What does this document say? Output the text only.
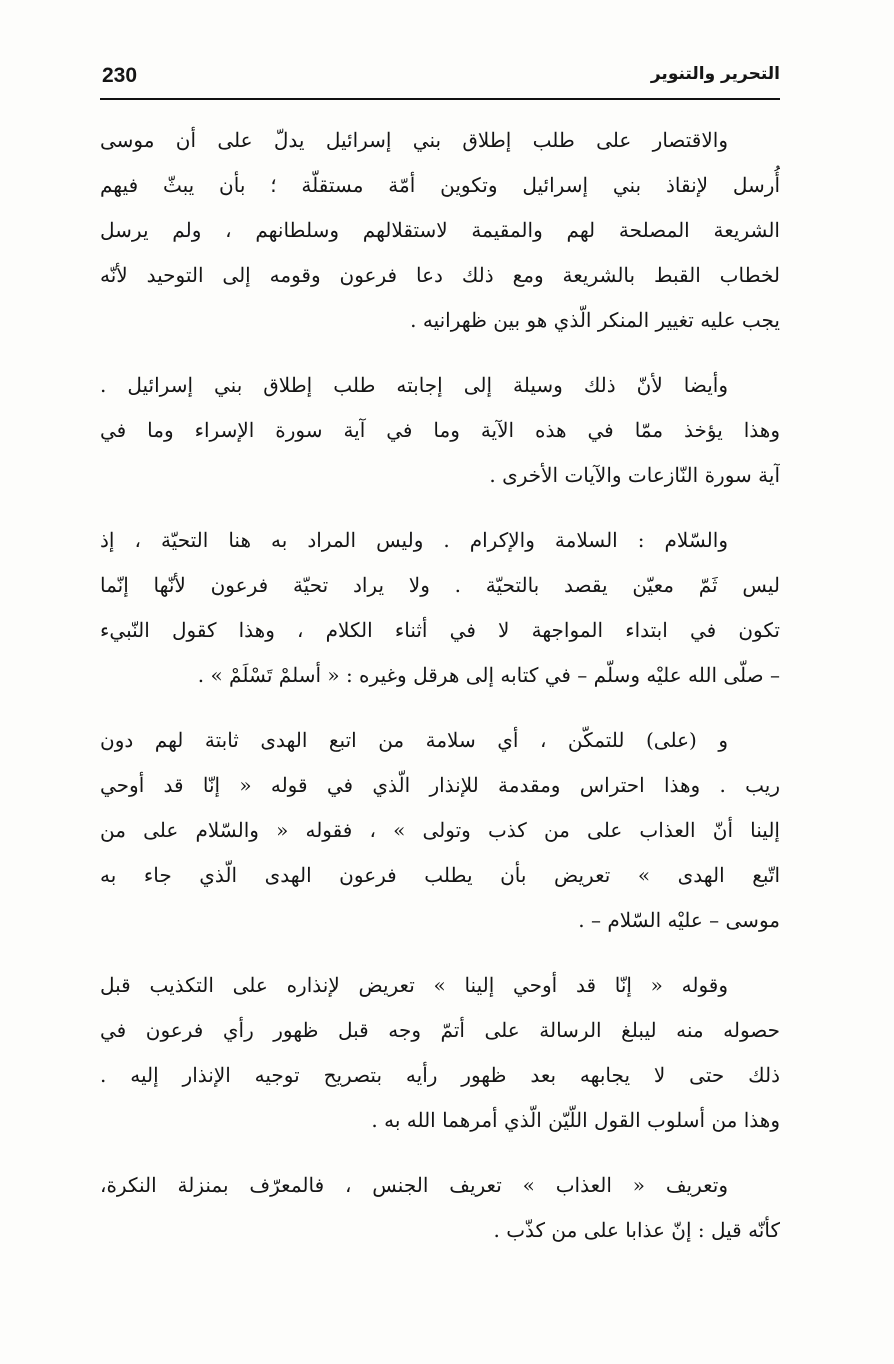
230	التحرير والتنوير
والاقتصار على طلب إطلاق بني إسرائيل يدلّ على أن موسى
أُرسل لإنقاذ بني إسرائيل وتكوين أمّة مستقلّة ؛ بأن يبثّ فيهم
الشريعة المصلحة لهم والمقيمة لاستقلالهم وسلطانهم ، ولم يرسل
لخطاب القبط بالشريعة ومع ذلك دعا فرعون وقومه إلى التوحيد لأنّه
يجب عليه تغيير المنكر الّذي هو بين ظهرانيه .
وأيضا لأنّ ذلك وسيلة إلى إجابته طلب إطلاق بني إسرائيل .
وهذا يؤخذ ممّا في هذه الآية وما في آية سورة الإسراء وما في
آية سورة النّازعات والآيات الأخرى .
والسّلام : السلامة والإكرام . وليس المراد به هنا التحيّة ، إذ
ليس ثَمّ معيّن يقصد بالتحيّة . ولا يراد تحيّة فرعون لأنّها إنّما
تكون في ابتداء المواجهة لا في أثناء الكلام ، وهذا كقول النّبيء
– صلّى الله عليْه وسلّم – في كتابه إلى هرقل وغيره : « أسلمْ تَسْلَمْ » .
و (على) للتمكّن ، أي سلامة من اتبع الهدى ثابتة لهم دون
ريب . وهذا احتراس ومقدمة للإنذار الّذي في قوله « إنّا قد أوحي
إلينا أنّ العذاب على من كذب وتولى » ، فقوله « والسّلام على من
اتّبع الهدى » تعريض بأن يطلب فرعون الهدى الّذي جاء به
موسى – عليْه السّلام – .
وقوله « إنّا قد أوحي إلينا » تعريض لإنذاره على التكذيب قبل
حصوله منه ليبلغ الرسالة على أتمّ وجه قبل ظهور رأي فرعون في
ذلك حتى لا يجابهه بعد ظهور رأيه بتصريح توجيه الإنذار إليه .
وهذا من أسلوب القول اللّيّن الّذي أمرهما الله به .
وتعريف « العذاب » تعريف الجنس ، فالمعرّف بمنزلة النكرة،
كأنّه قيل : إنّ عذابا على من كذّب .
